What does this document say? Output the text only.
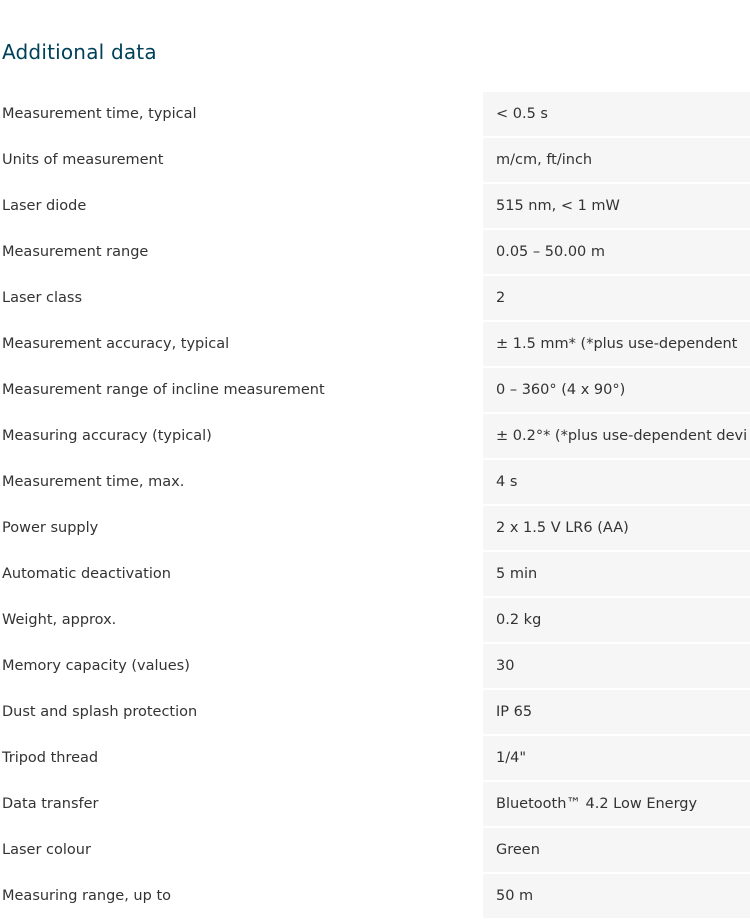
Additional data
Measurement time, typical	< 0.5 s
Units of measurement	m/cm, ft/inch
Laser diode	515 nm, < 1 mW
Measurement range	0.05 – 50.00 m
Laser class	2
Measurement accuracy, typical	± 1.5 mm* (*plus use-dependent
Measurement range of incline measurement	0 – 360° (4 x 90°)
Measuring accuracy (typical)	± 0.2°* (*plus use-dependent devi
Measurement time, max.	4 s
Power supply	2 x 1.5 V LR6 (AA)
Automatic deactivation	5 min
Weight, approx.	0.2 kg
Memory capacity (values)	30
Dust and splash protection	IP 65
Tripod thread	1/4"
Data transfer	Bluetooth™ 4.2 Low Energy
Laser colour	Green
Measuring range, up to	50 m
